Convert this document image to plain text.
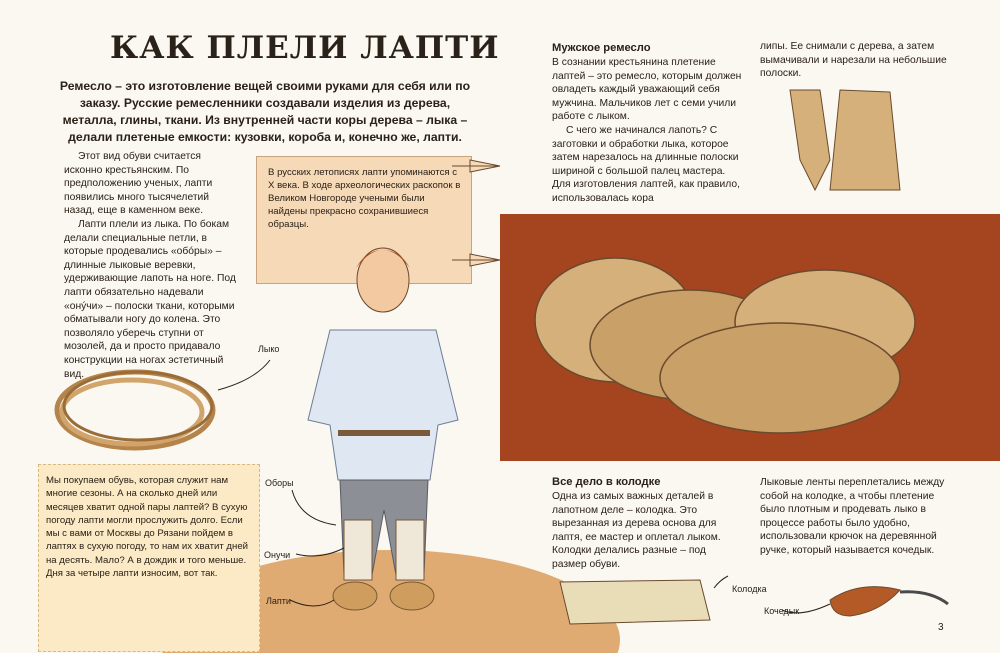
КАК ПЛЕЛИ ЛАПТИ
Ремесло – это изготовление вещей своими руками для себя или по заказу. Русские ремесленники создавали изделия из дерева, металла, глины, ткани. Из внутренней части коры дерева – лыка – делали плетеные емкости: кузовки, короба и, конечно же, лапти.
Этот вид обуви считается исконно крестьянским. По предположению ученых, лапти появились много тысячелетий назад, еще в каменном веке.
Лапти плели из лыка. По бокам делали специальные петли, в которые продевались «обóры» – длинные лыковые веревки, удерживающие лапоть на ноге. Под лапти обязательно надевали «онýчи» – полоски ткани, которыми обматывали ногу до колена. Это позволяло уберечь ступни от мозолей, да и просто придавало конструкции на ногах эстетичный вид.
В русских летописях лапти упоминаются с X века. В ходе археологических раскопок в Великом Новгороде учеными были найдены прекрасно сохранившиеся образцы.
Лыко
Оборы
Онучи
Лапти
Колодка
Кочедык
Мы покупаем обувь, которая служит нам многие сезоны. А на сколько дней или месяцев хватит одной пары лаптей? В сухую погоду лапти могли прослужить долго. Если мы с вами от Москвы до Рязани пойдем в лаптях в сухую погоду, то нам их хватит дней на десять. Мало? А в дождик и того меньше. Дня за четыре лапти износим, вот так.
Мужское ремесло
В сознании крестьянина плетение лаптей – это ремесло, которым должен овладеть каждый уважающий себя мужчина. Мальчиков лет с семи учили работе с лыком.
С чего же начинался лапоть? С заготовки и обработки лыка, которое затем нарезалось на длинные полоски шириной с большой палец мастера. Для изготовления лаптей, как правило, использовалась кора
липы. Ее снимали с дерева, а затем вымачивали и нарезали на небольшие полоски.
Все дело в колодке
Одна из самых важных деталей в лапотном деле – колодка. Это вырезанная из дерева основа для лаптя, ее мастер и оплетал лыком. Колодки делались разные – под размер обуви.
Лыковые ленты переплетались между собой на колодке, а чтобы плетение было плотным и продевать лыко в процессе работы было удобно, использовали крючок на деревянной ручке, который называется кочедык.
3
